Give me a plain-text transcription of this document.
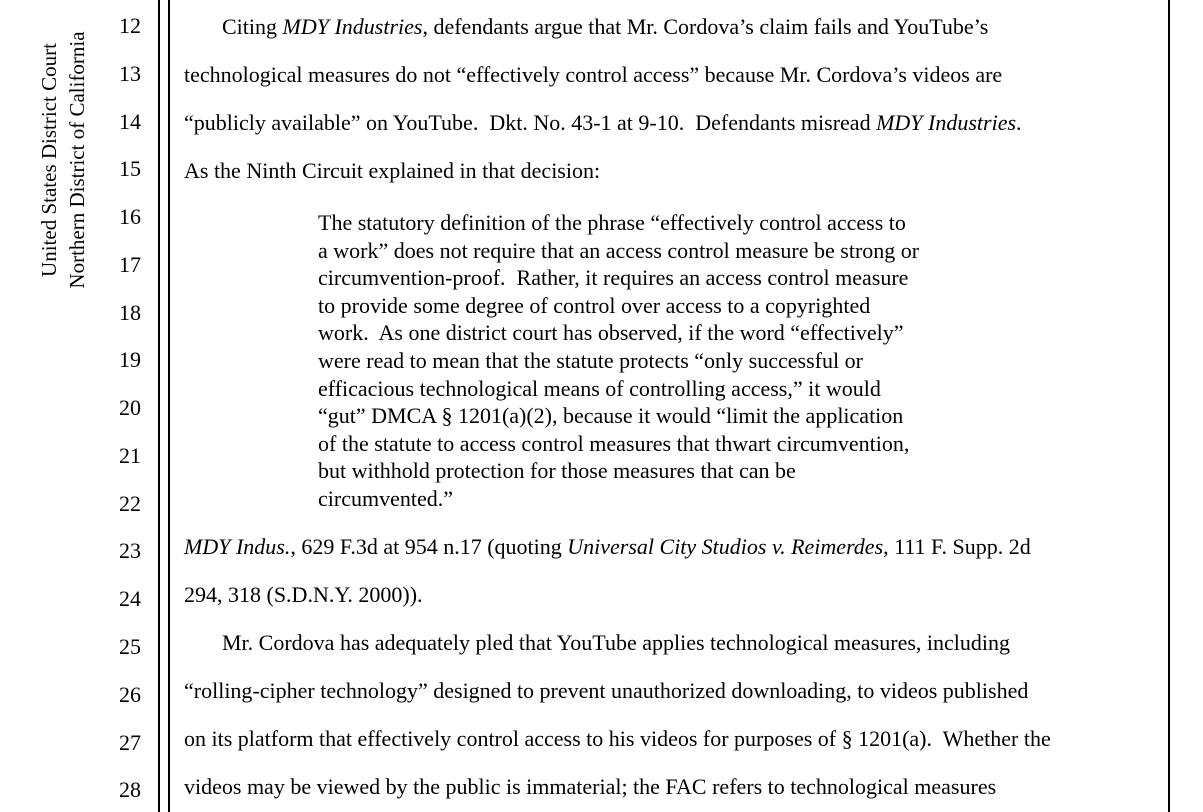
United States District Court Northern District of California
12
13
14
15
16
17
18
19
20
21
22
23
24
25
26
27
28
Citing MDY Industries, defendants argue that Mr. Cordova’s claim fails and YouTube’s
technological measures do not “effectively control access” because Mr. Cordova’s videos are
“publicly available” on YouTube.  Dkt. No. 43-1 at 9-10.  Defendants misread MDY Industries.
As the Ninth Circuit explained in that decision:
The statutory definition of the phrase “effectively control access to
a work” does not require that an access control measure be strong or
circumvention-proof.  Rather, it requires an access control measure
to provide some degree of control over access to a copyrighted
work.  As one district court has observed, if the word “effectively”
were read to mean that the statute protects “only successful or
efficacious technological means of controlling access,” it would
“gut” DMCA § 1201(a)(2), because it would “limit the application
of the statute to access control measures that thwart circumvention,
but withhold protection for those measures that can be
circumvented.”
MDY Indus., 629 F.3d at 954 n.17 (quoting Universal City Studios v. Reimerdes, 111 F. Supp. 2d
294, 318 (S.D.N.Y. 2000)).
Mr. Cordova has adequately pled that YouTube applies technological measures, including
“rolling-cipher technology” designed to prevent unauthorized downloading, to videos published
on its platform that effectively control access to his videos for purposes of § 1201(a).  Whether the
videos may be viewed by the public is immaterial; the FAC refers to technological measures
